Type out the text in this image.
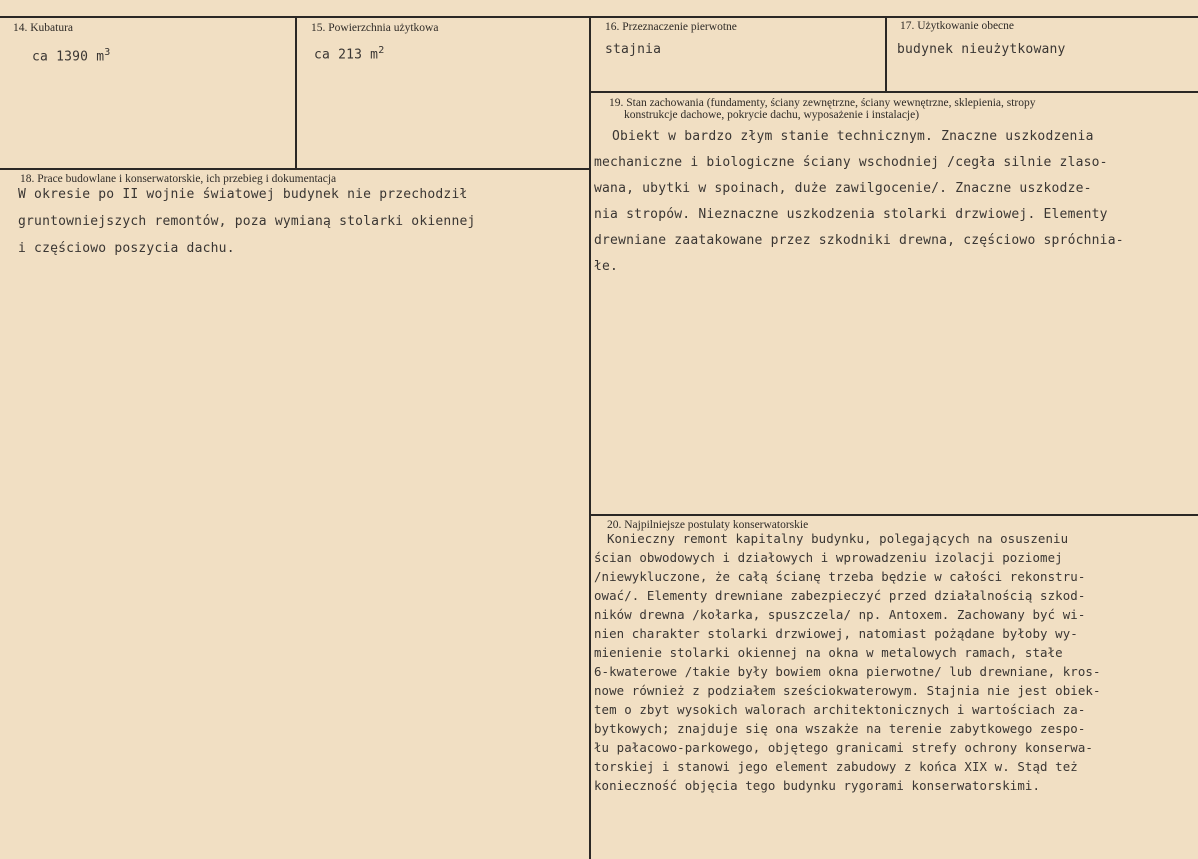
14. Kubatura
ca 1390 $m^3$
15. Powierzchnia użytkowa
ca 213 $m^2$
16. Przeznaczenie pierwotne
stajnia
17. Użytkowanie obecne
budynek nieużytkowany
18. Prace budowlane i konserwatorskie, ich przebieg i dokumentacja
W okresie po II wojnie światowej budynek nie przechodził
gruntowniejszych remontów, poza wymianą stolarki okiennej
i częściowo poszycia dachu.
19. Stan zachowania (fundamenty, ściany zewnętrzne, ściany wewnętrzne, sklepienia, stropy
konstrukcje dachowe, pokrycie dachu, wyposażenie i instalacje)
Obiekt w bardzo złym stanie technicznym. Znaczne uszkodzenia
mechaniczne i biologiczne ściany wschodniej /cegła silnie zlaso-
wana, ubytki w spoinach, duże zawilgocenie/. Znaczne uszkodze-
nia stropów. Nieznaczne uszkodzenia stolarki drzwiowej. Elementy
drewniane zaatakowane przez szkodniki drewna, częściowo spróchnia-
łe.
20. Najpilniejsze postulaty konserwatorskie
Konieczny remont kapitalny budynku, polegających na osuszeniu
ścian obwodowych i działowych i wprowadzeniu izolacji poziomej
/niewykluczone, że całą ścianę trzeba będzie w całości rekonstru-
ować/. Elementy drewniane zabezpieczyć przed działalnością szkod-
ników drewna /kołarka, spuszczela/ np. Antoxem. Zachowany być wi-
nien charakter stolarki drzwiowej, natomiast pożądane byłoby wy-
mienienie stolarki okiennej na okna w metalowych ramach, stałe
6-kwaterowe /takie były bowiem okna pierwotne/ lub drewniane, kros-
nowe również z podziałem sześciokwaterowym. Stajnia nie jest obiek-
tem o zbyt wysokich walorach architektonicznych i wartościach za-
bytkowych; znajduje się ona wszakże na terenie zabytkowego zespo-
łu pałacowo-parkowego, objętego granicami strefy ochrony konserwa-
torskiej i stanowi jego element zabudowy z końca XIX w. Stąd też
konieczność objęcia tego budynku rygorami konserwatorskimi.
